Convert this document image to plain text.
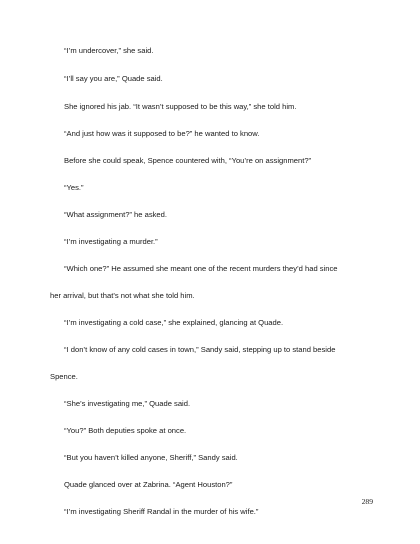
“I’m undercover,” she said.
“I’ll say you are,” Quade said.
She ignored his jab. “It wasn’t supposed to be this way,” she told him.
“And just how was it supposed to be?” he wanted to know.
Before she could speak, Spence countered with, “You’re on assignment?”
“Yes.”
“What assignment?” he asked.
“I’m investigating a murder.”
“Which one?” He assumed she meant one of the recent murders they’d had since
her arrival, but that’s not what she told him.
“I’m investigating a cold case,” she explained, glancing at Quade.
“I don’t know of any cold cases in town,” Sandy said, stepping up to stand beside
Spence.
“She’s investigating me,” Quade said.
“You?” Both deputies spoke at once.
“But you haven’t killed anyone, Sheriff,” Sandy said.
Quade glanced over at Zabrina. “Agent Houston?”
“I’m investigating Sheriff Randal in the murder of his wife.”
289
